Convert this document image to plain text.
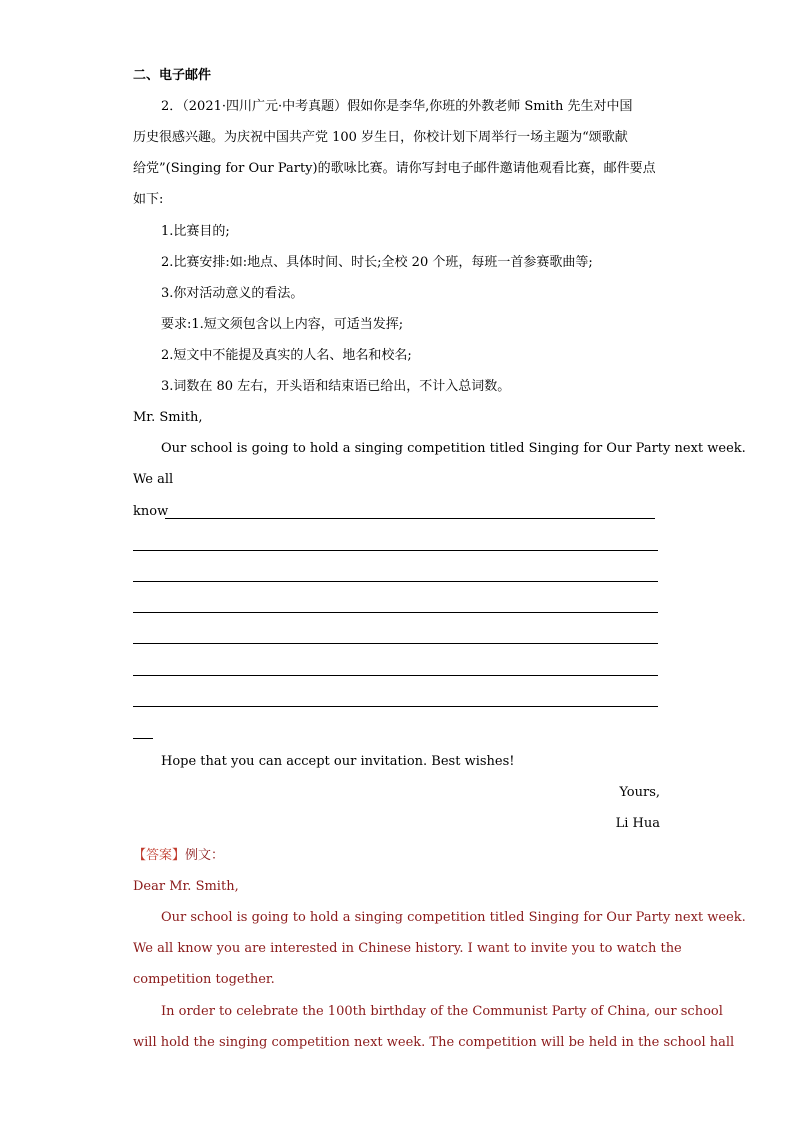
二、电子邮件
2．（2021·四川广元·中考真题）假如你是李华,你班的外教老师 Smith 先生对中国
历史很感兴趣。为庆祝中国共产党 100 岁生日，你校计划下周举行一场主题为“颂歌献
给党”(Singing for Our Party)的歌咏比赛。请你写封电子邮件邀请他观看比赛，邮件要点
如下:
1.比赛目的;
2.比赛安排:如:地点、具体时间、时长;全校 20 个班，每班一首参赛歌曲等;
3.你对活动意义的看法。
要求:1.短文须包含以上内容，可适当发挥;
2.短文中不能提及真实的人名、地名和校名;
3.词数在 80 左右，开头语和结束语已给出，不计入总词数。
Mr. Smith,
Our school is going to hold a singing competition titled Singing for Our Party next week.
We all
know
Hope that you can accept our invitation. Best wishes!
Yours,
Li Hua
【答案】例文：
Dear Mr. Smith,
Our school is going to hold a singing competition titled Singing for Our Party next week.
We all know you are interested in Chinese history. I want to invite you to watch the
competition together.
In order to celebrate the 100th birthday of the Communist Party of China, our school
will hold the singing competition next week. The competition will be held in the school hall
